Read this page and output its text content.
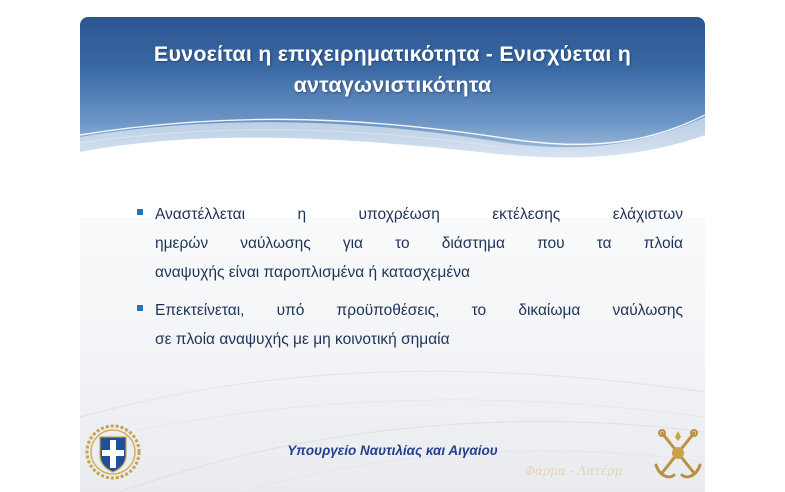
Ευνοείται η επιχειρηματικότητα - Ενισχύεται η
ανταγωνιστικότητα
Αναστέλλεται η υποχρέωση εκτέλεσης ελάχιστων
ημερών ναύλωσης για το διάστημα που τα πλοία
αναψυχής είναι παροπλισμένα ή κατασχεμένα
Επεκτείνεται, υπό προϋποθέσεις, το δικαίωμα ναύλωσης
σε πλοία αναψυχής με μη κοινοτική σημαία
Υπουργείο Ναυτιλίας και Αιγαίου
Φάρμα - Λατέρμ
